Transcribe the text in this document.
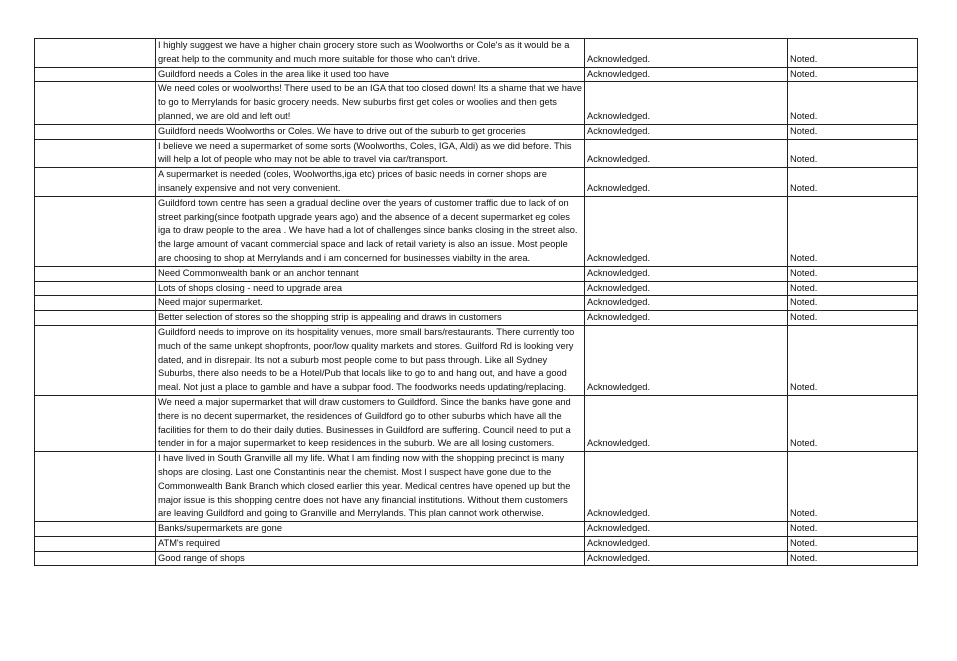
	I highly suggest we have a higher chain grocery store such as Woolworths or Cole's as it would be a great help to the community and much more suitable for those who can't drive.	Acknowledged.	Noted.
	Guildford needs a Coles in the area like it used too have	Acknowledged.	Noted.
	We need coles or woolworths! There used to be an IGA that too closed down! Its a shame that we have to go to Merrylands for basic grocery needs. New suburbs first get coles or woolies and then gets planned, we are old and left out!	Acknowledged.	Noted.
	Guildford needs Woolworths or Coles. We have to drive out of the suburb to get groceries	Acknowledged.	Noted.
	I believe we need a supermarket of some sorts (Woolworths, Coles, IGA, Aldi) as we did before. This will help a lot of people who may not be able to travel via car/transport.	Acknowledged.	Noted.
	A supermarket is needed (coles, Woolworths,iga etc) prices of basic needs in corner shops are insanely expensive and not very convenient.	Acknowledged.	Noted.
	Guildford town centre has seen a gradual decline over the years of customer traffic due to lack of on street parking(since footpath upgrade years ago) and the absence of a decent supermarket eg coles iga to draw people to the area . We have had a lot of challenges since banks closing in the street also. the large amount of vacant commercial space and lack of retail variety is also an issue. Most people are choosing to shop at Merrylands and i am concerned for businesses viabilty in the area.	Acknowledged.	Noted.
	Need Commonwealth bank or an anchor tennant	Acknowledged.	Noted.
	Lots of shops closing - need to upgrade area	Acknowledged.	Noted.
	Need major supermarket.	Acknowledged.	Noted.
	Better selection of stores so the shopping strip is appealing and draws in customers	Acknowledged.	Noted.
	Guildford needs to improve on its hospitality venues, more small bars/restaurants. There currently too much of the same unkept shopfronts, poor/low quality markets and stores. Guilford Rd is looking very dated, and in disrepair. Its not a suburb most people come to but pass through. Like all Sydney Suburbs, there also needs to be a Hotel/Pub that locals like to go to and hang out, and have a good meal. Not just a place to gamble and have a subpar food. The foodworks needs updating/replacing.	Acknowledged.	Noted.
	We need a major supermarket that will draw customers to Guildford. Since the banks have gone and there is no decent supermarket, the residences of Guildford go to other suburbs which have all the facilities for them to do their daily duties. Businesses in Guildford are suffering. Council need to put a tender in for a major supermarket to keep residences in the suburb. We are all losing customers.	Acknowledged.	Noted.
	I have lived in South Granville all my life. What I am finding now with the shopping precinct is many shops are closing. Last one Constantinis near the chemist. Most I suspect have gone due to the Commonwealth Bank Branch which closed earlier this year. Medical centres have opened up but the major issue is this shopping centre does not have any financial institutions. Without them customers are leaving Guildford and going to Granville and Merrylands. This plan cannot work otherwise.	Acknowledged.	Noted.
	Banks/supermarkets are gone	Acknowledged.	Noted.
	ATM's required	Acknowledged.	Noted.
	Good range of shops	Acknowledged.	Noted.
